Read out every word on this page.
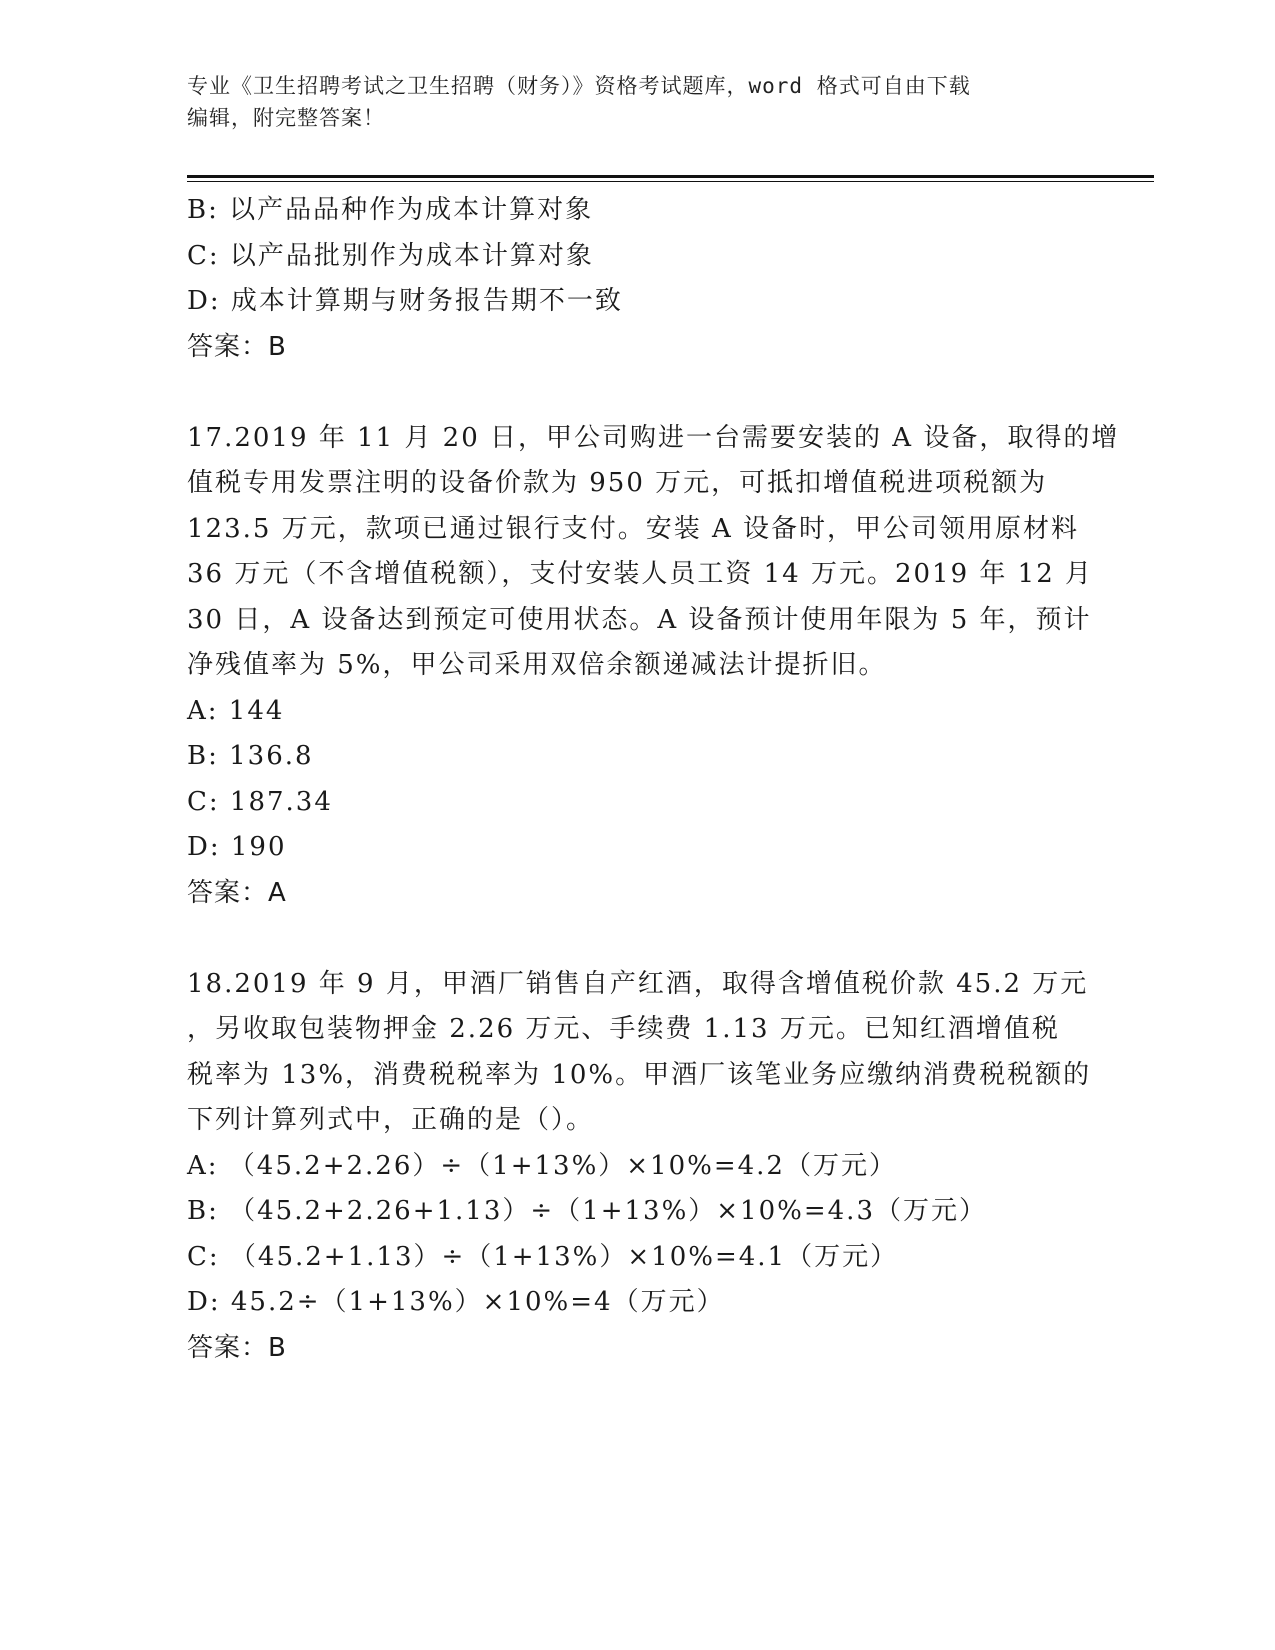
专业《卫生招聘考试之卫生招聘（财务）》资格考试题库，word 格式可自由下载
编辑，附完整答案！
B: 以产品品种作为成本计算对象
C: 以产品批别作为成本计算对象
D: 成本计算期与财务报告期不一致
答案：B
17.2019 年 11 月 20 日，甲公司购进一台需要安装的 A 设备，取得的增
值税专用发票注明的设备价款为 950 万元，可抵扣增值税进项税额为
123.5 万元，款项已通过银行支付。安装 A 设备时，甲公司领用原材料
36 万元（不含增值税额），支付安装人员工资 14 万元。2019 年 12 月
30 日，A 设备达到预定可使用状态。A 设备预计使用年限为 5 年，预计
净残值率为 5%，甲公司采用双倍余额递减法计提折旧。
A: 144
B: 136.8
C: 187.34
D: 190
答案：A
18.2019 年 9 月，甲酒厂销售自产红酒，取得含增值税价款 45.2 万元
，另收取包装物押金 2.26 万元、手续费 1.13 万元。已知红酒增值税
税率为 13%，消费税税率为 10%。甲酒厂该笔业务应缴纳消费税税额的
下列计算列式中，正确的是（）。
A: （45.2+2.26）÷（1+13%）×10%=4.2（万元）
B: （45.2+2.26+1.13）÷（1+13%）×10%=4.3（万元）
C: （45.2+1.13）÷（1+13%）×10%=4.1（万元）
D: 45.2÷（1+13%）×10%=4（万元）
答案：B
